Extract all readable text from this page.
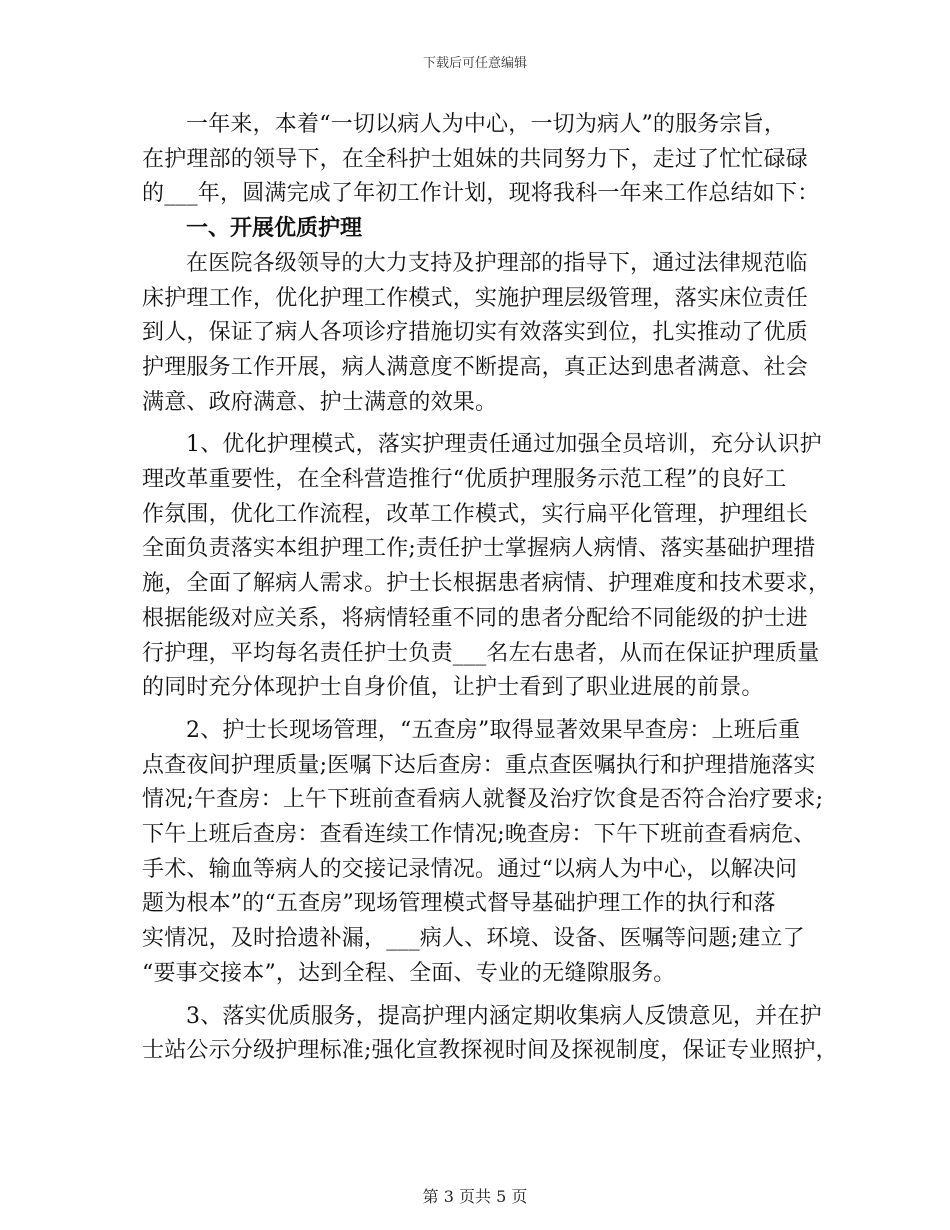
下载后可任意编辑

一年来，本着“一切以病人为中心，一切为病人”的服务宗旨，
在护理部的领导下，在全科护士姐妹的共同努力下，走过了忙忙碌碌
的___年，圆满完成了年初工作计划，现将我科一年来工作总结如下：

一、开展优质护理

在医院各级领导的大力支持及护理部的指导下，通过法律规范临
床护理工作，优化护理工作模式，实施护理层级管理，落实床位责任
到人，保证了病人各项诊疗措施切实有效落实到位，扎实推动了优质
护理服务工作开展，病人满意度不断提高，真正达到患者满意、社会
满意、政府满意、护士满意的效果。

1、优化护理模式，落实护理责任通过加强全员培训，充分认识护
理改革重要性，在全科营造推行“优质护理服务示范工程”的良好工
作氛围，优化工作流程，改革工作模式，实行扁平化管理，护理组长
全面负责落实本组护理工作;责任护士掌握病人病情、落实基础护理措
施，全面了解病人需求。护士长根据患者病情、护理难度和技术要求，
根据能级对应关系，将病情轻重不同的患者分配给不同能级的护士进
行护理，平均每名责任护士负责___名左右患者，从而在保证护理质量
的同时充分体现护士自身价值，让护士看到了职业进展的前景。

2、护士长现场管理，“五查房”取得显著效果早查房：上班后重
点查夜间护理质量;医嘱下达后查房：重点查医嘱执行和护理措施落实
情况;午查房：上午下班前查看病人就餐及治疗饮食是否符合治疗要求;
下午上班后查房：查看连续工作情况;晚查房：下午下班前查看病危、
手术、输血等病人的交接记录情况。通过“以病人为中心，以解决问
题为根本”的“五查房”现场管理模式督导基础护理工作的执行和落
实情况，及时拾遗补漏，___病人、环境、设备、医嘱等问题;建立了
“要事交接本”，达到全程、全面、专业的无缝隙服务。

3、落实优质服务，提高护理内涵定期收集病人反馈意见，并在护
士站公示分级护理标准;强化宣教探视时间及探视制度，保证专业照护，

第 3 页共 5 页
